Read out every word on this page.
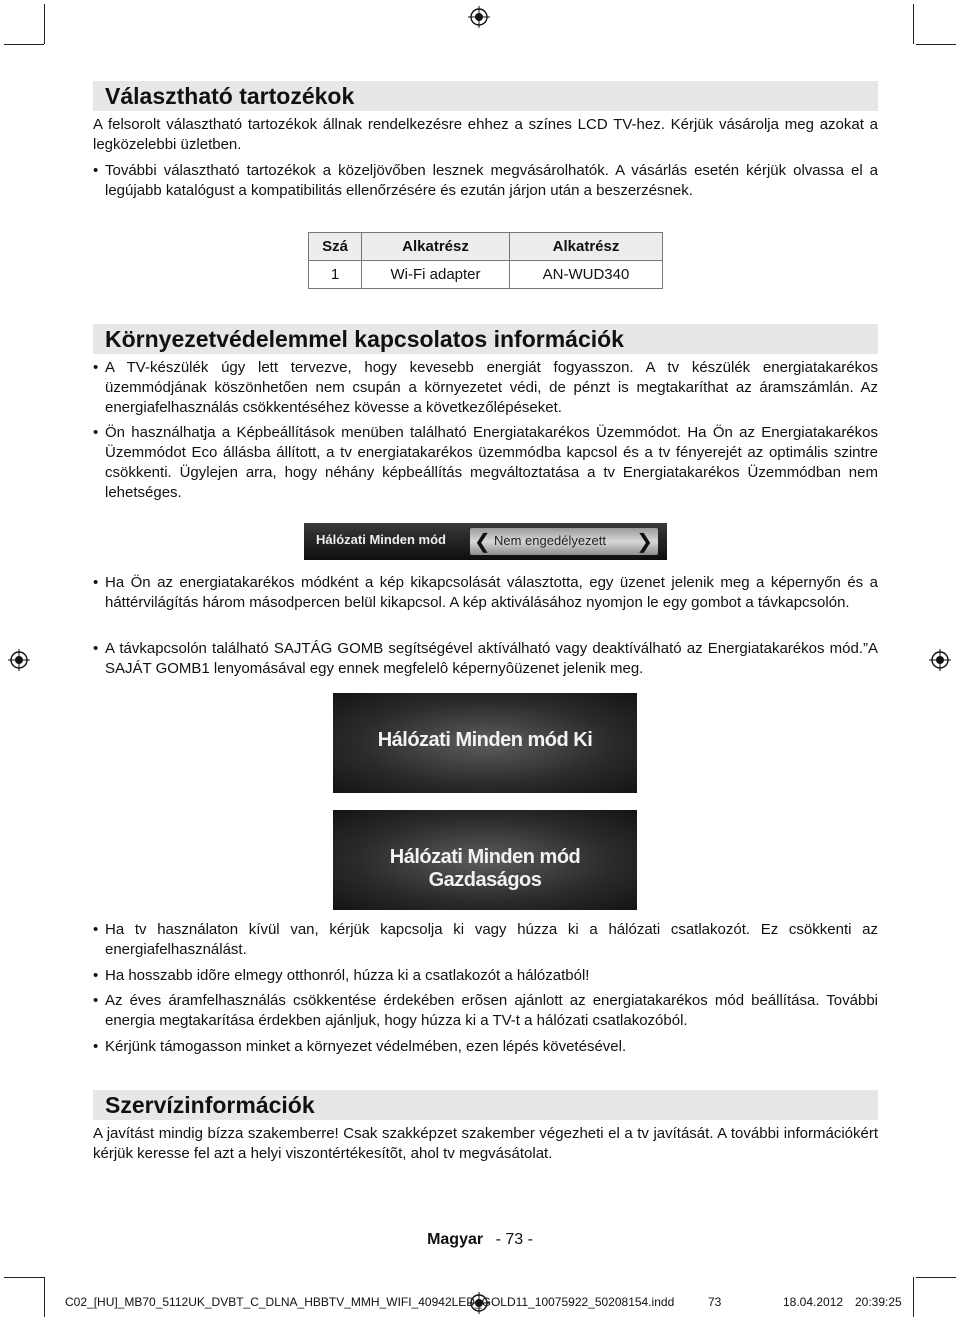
Választható tartozékok

A felsorolt választható tartozékok állnak rendelkezésre ehhez a színes LCD TV-hez. Kérjük vásárolja meg azokat a legközelebbi üzletben.

• További választható tartozékok a közeljövőben lesznek megvásárolhatók. A vásárlás esetén kérjük olvassa el a legújabb katalógust a kompatibilitás ellenőrzésére és ezután járjon után a beszerzésnek.
Szá	Alkatrész	Alkatrész
1	Wi-Fi adapter	AN-WUD340
Környezetvédelemmel kapcsolatos információk
• A TV-készülék úgy lett tervezve, hogy kevesebb energiát fogyasszon. A tv készülék energiatakarékos üzemmódjának köszönhetően nem csupán a környezetet védi, de pénzt is megtakaríthat az áramszámlán. Az energiafelhasználás csökkentéséhez kövesse a következőlépéseket.
• Ön használhatja a Képbeállítások menüben található Energiatakarékos Üzemmódot. Ha Ön az Energiatakarékos Üzemmódot Eco állásba állított, a tv energiatakarékos üzemmódba kapcsol és a tv fényerejét az optimális szintre csökkenti. Ügylejen arra, hogy néhány képbeállítás megváltoztatása a tv Energiatakarékos Üzemmódban nem lehetséges.
Hálózati Minden mód ❮ Nem engedélyezett ❯
• Ha Ön az energiatakarékos módként a kép kikapcsolását választotta, egy üzenet jelenik meg a képernyőn és a háttérvilágítás három másodpercen belül kikapcsol. A kép aktiválásához nyomjon le egy gombot a távkapcsolón.
• A távkapcsolón található SAJTÁG GOMB segítségével aktíválható vagy deaktíválható az Energiatakarékos mód.”A SAJÁT GOMB1 lenyomásával egy ennek megfelelô képernyôüzenet jelenik meg.
Hálózati Minden mód Ki
Hálózati Minden mód Gazdaságos
• Ha tv használaton kívül van, kérjük kapcsolja ki vagy húzza ki a hálózati csatlakozót. Ez csökkenti az energiafelhasználást.
• Ha hosszabb idõre elmegy otthonról, húzza ki a csatlakozót a hálózatból!
• Az éves áramfelhasználás csökkentése érdekében erõsen ajánlott az energiatakarékos mód beállítása. További energia megtakarítása érdekben ajánljuk, hogy húzza ki a TV-t a hálózati csatlakozóból.
• Kérjünk támogasson minket a környezet védelmében, ezen lépés követésével.
Szervízinformációk

A javítást mindig bízza szakemberre! Csak szakképzet szakember végezheti el a tv javítását. A további információkért kérjük keresse fel azt a helyi viszontértékesítõt, ahol tv megvásátolat.

Magyar - 73 -
C02_[HU]_MB70_5112UK_DVBT_C_DLNA_HBBTV_MMH_WIFI_40942LED_GOLD11_10075922_50208154.indd	73	18.04.2012 20:39:25
